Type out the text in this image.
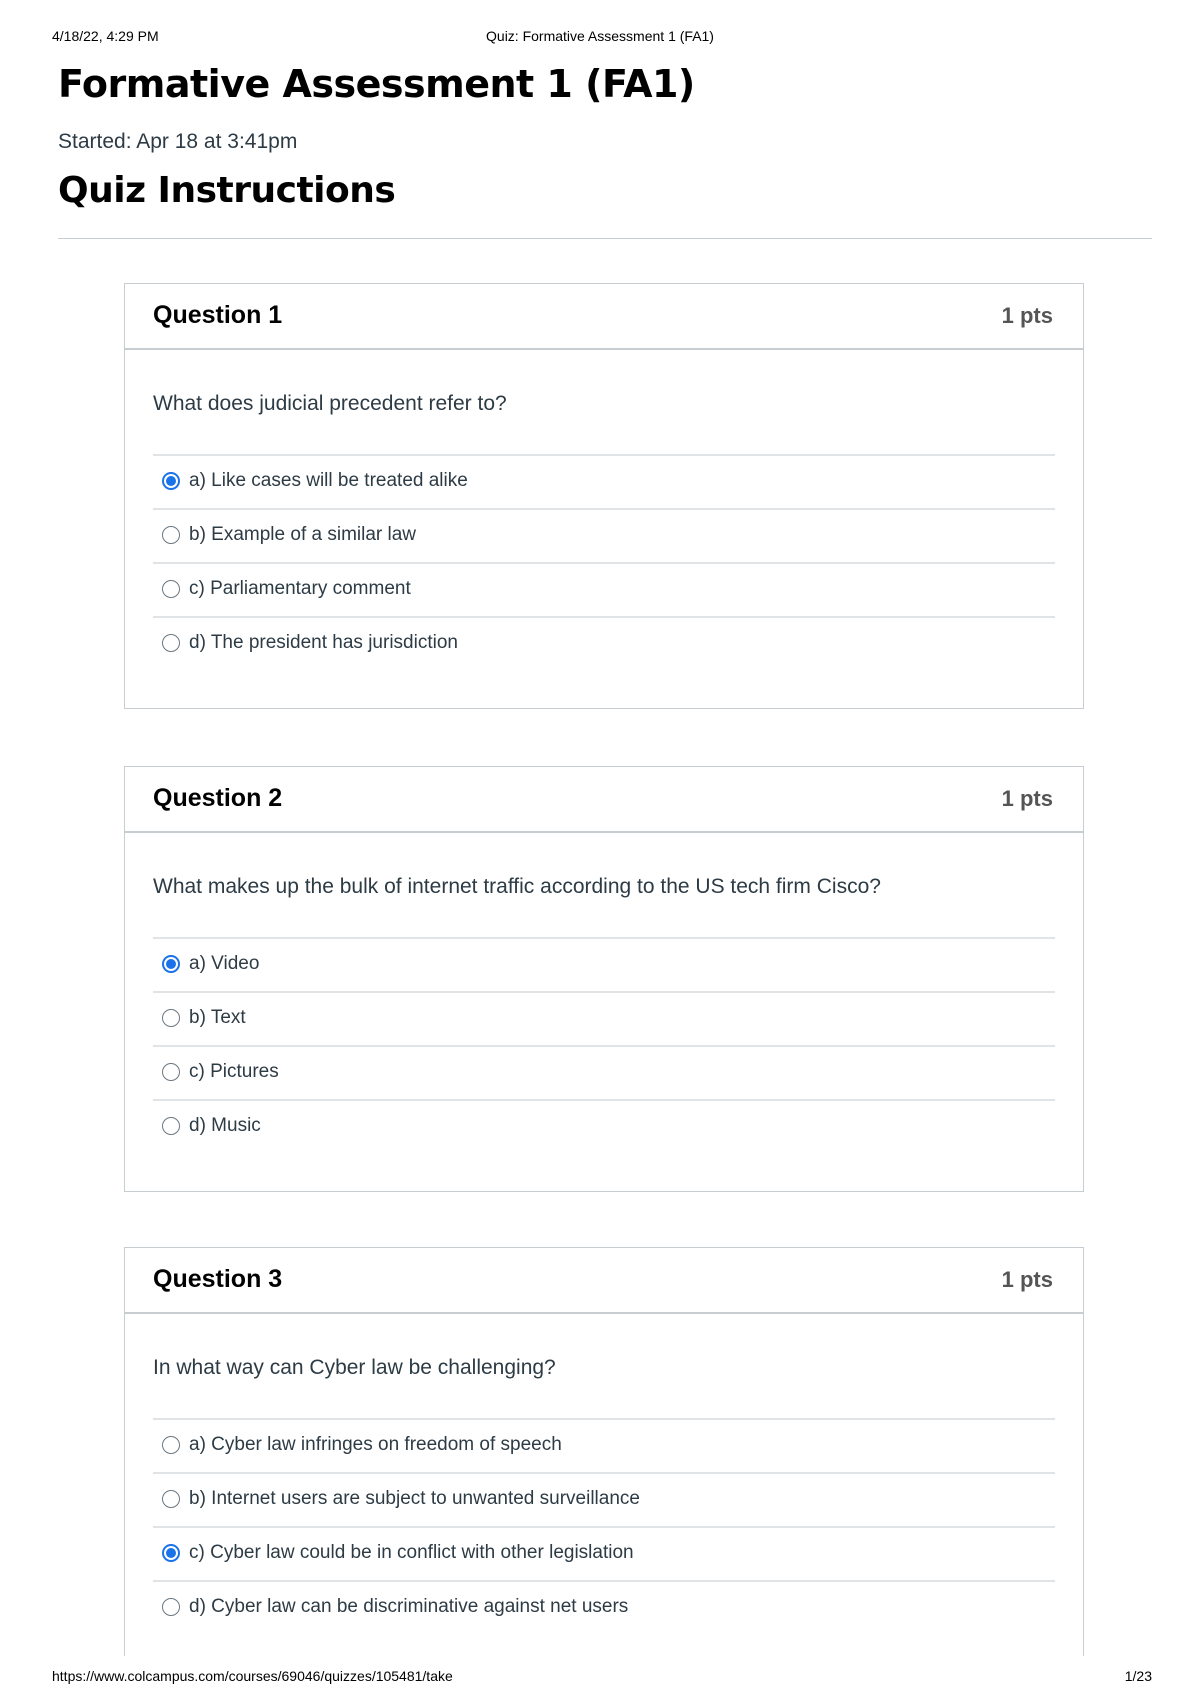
4/18/22, 4:29 PM	Quiz: Formative Assessment 1 (FA1)
Formative Assessment 1 (FA1)
Started: Apr 18 at 3:41pm
Quiz Instructions
Question 1	1 pts

What does judicial precedent refer to?

a) Like cases will be treated alike
b) Example of a similar law
c) Parliamentary comment
d) The president has jurisdiction
Question 2	1 pts

What makes up the bulk of internet traffic according to the US tech firm Cisco?

a) Video
b) Text
c) Pictures
d) Music
Question 3	1 pts

In what way can Cyber law be challenging?

a) Cyber law infringes on freedom of speech
b) Internet users are subject to unwanted surveillance
c) Cyber law could be in conflict with other legislation
d) Cyber law can be discriminative against net users
https://www.colcampus.com/courses/69046/quizzes/105481/take	1/23
